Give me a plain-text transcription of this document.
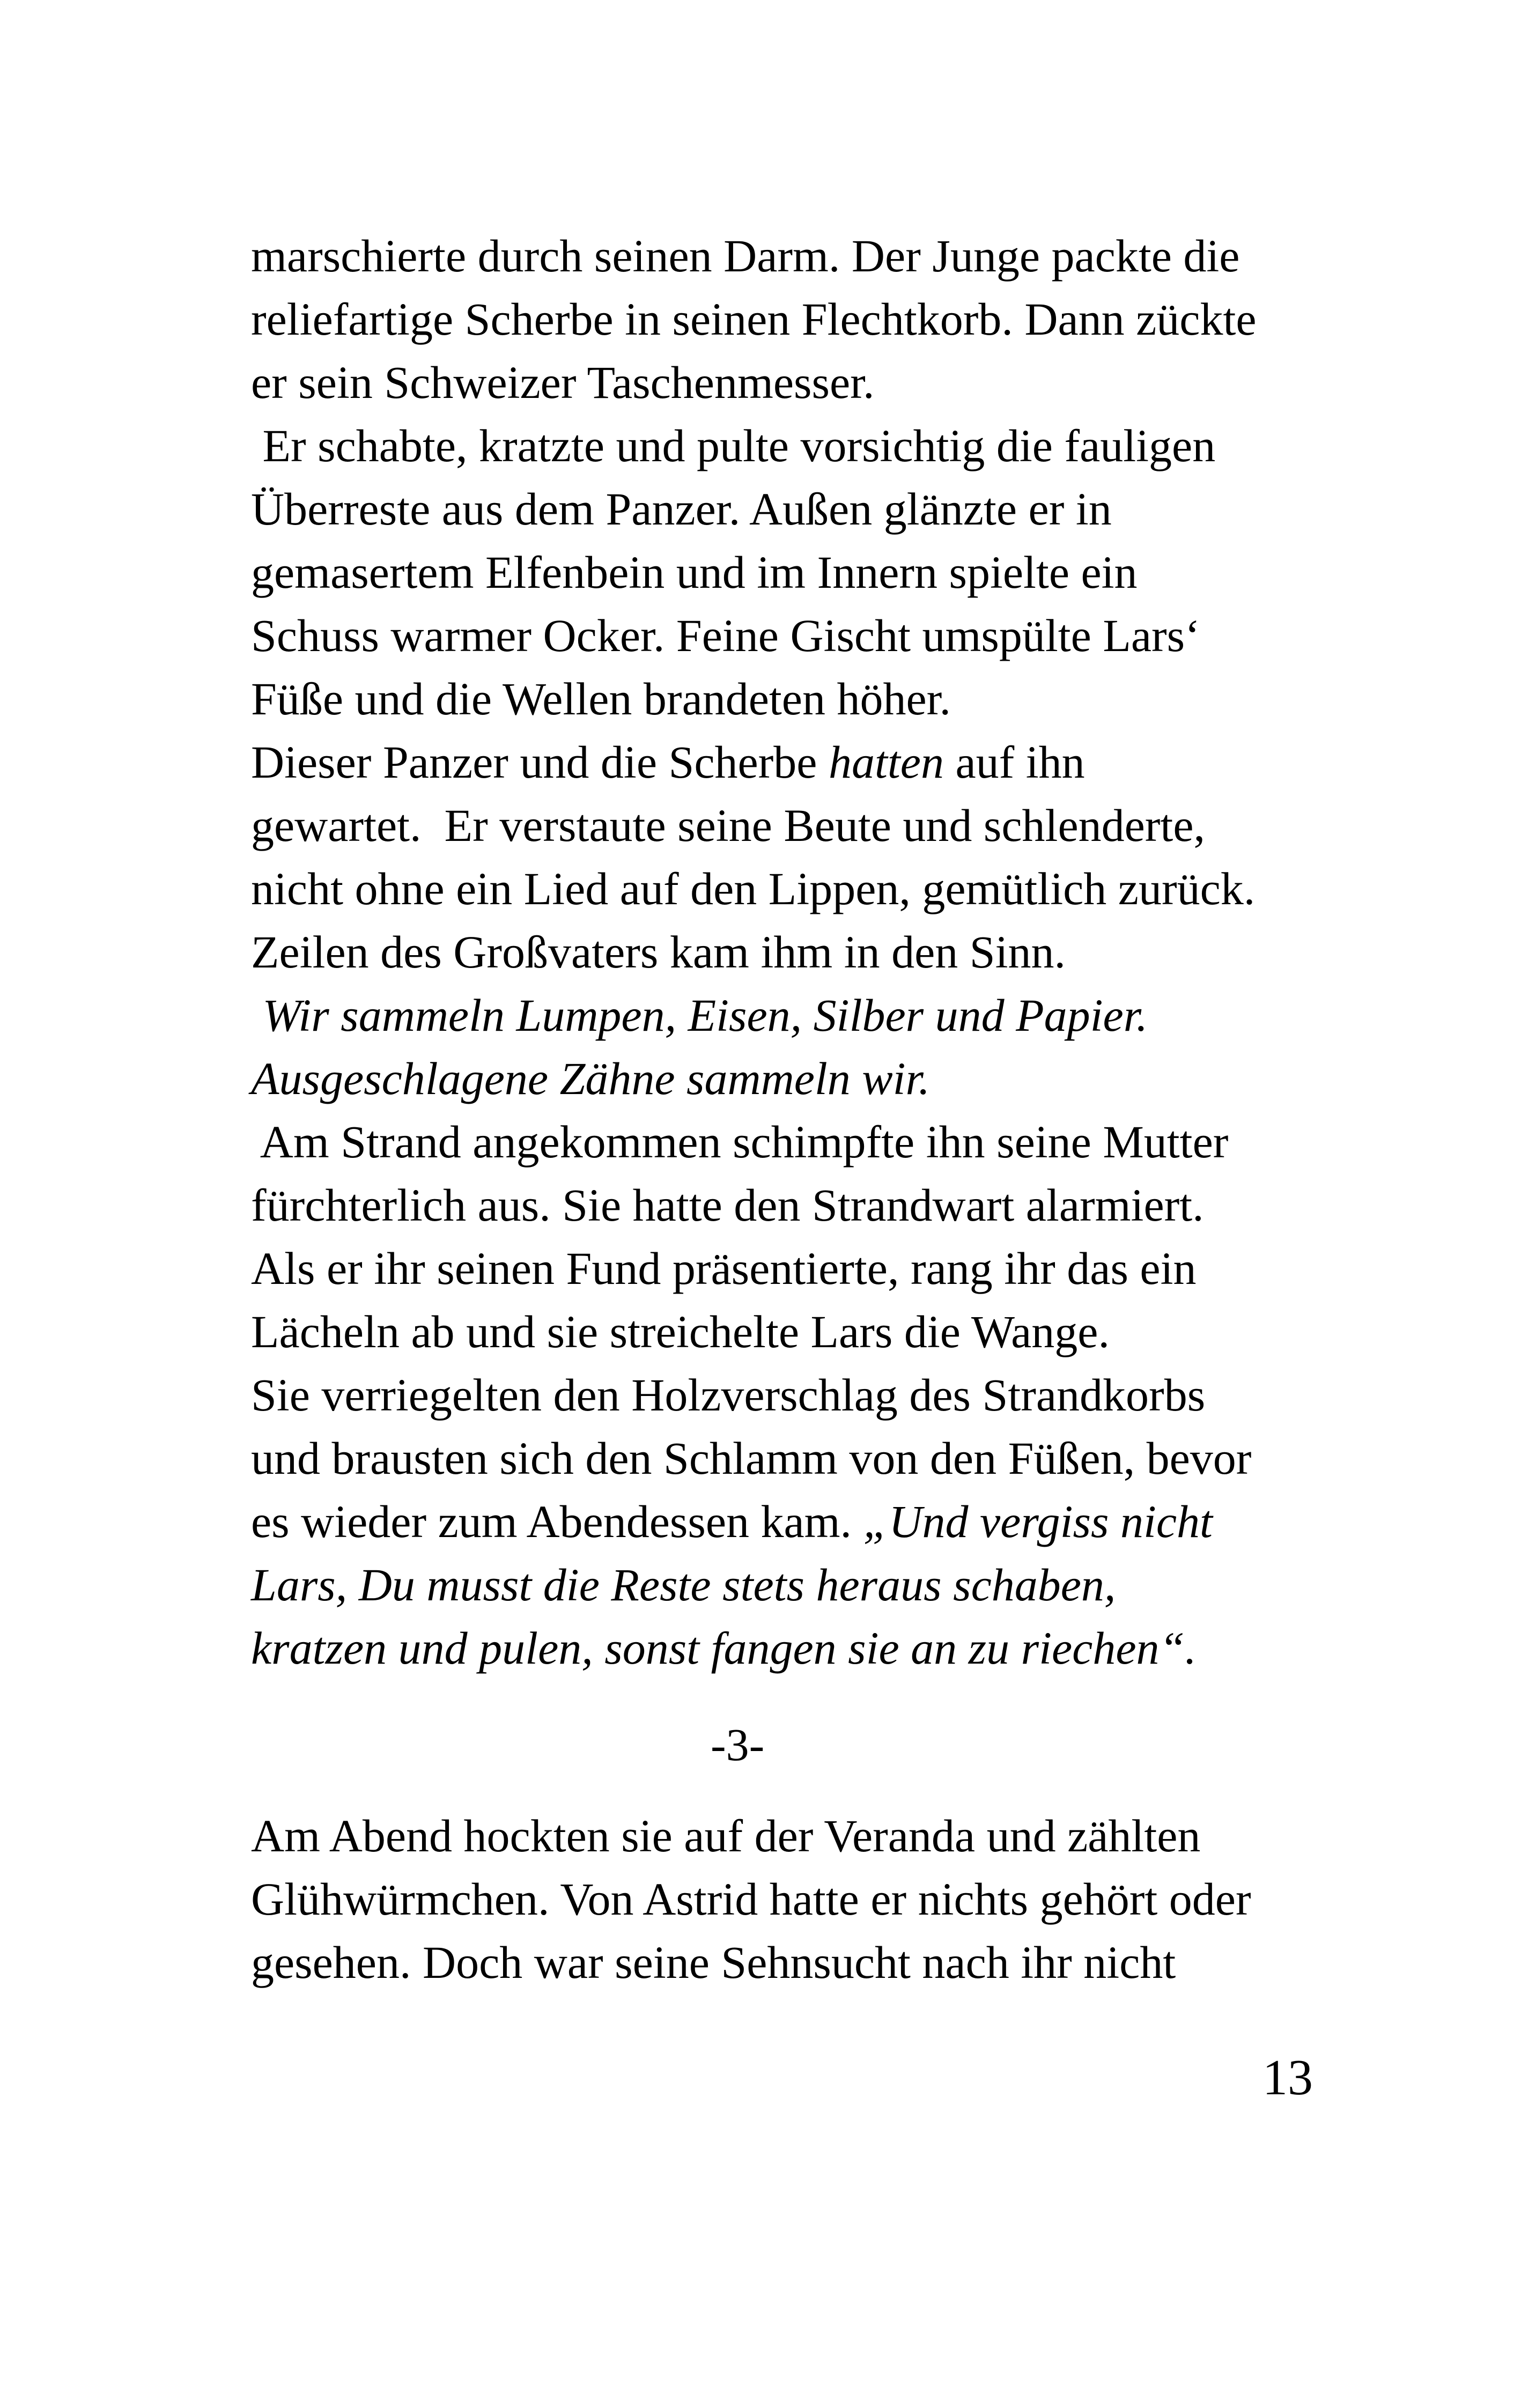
marschierte durch seinen Darm. Der Junge packte die
reliefartige Scherbe in seinen Flechtkorb. Dann zückte
er sein Schweizer Taschenmesser.
Er schabte, kratzte und pulte vorsichtig die fauligen
Überreste aus dem Panzer. Außen glänzte er in
gemasertem Elfenbein und im Innern spielte ein
Schuss warmer Ocker. Feine Gischt umspülte Lars‘
Füße und die Wellen brandeten höher.
Dieser Panzer und die Scherbe hatten auf ihn
gewartet.  Er verstaute seine Beute und schlenderte,
nicht ohne ein Lied auf den Lippen, gemütlich zurück.
Zeilen des Großvaters kam ihm in den Sinn.
Wir sammeln Lumpen, Eisen, Silber und Papier.
Ausgeschlagene Zähne sammeln wir.
Am Strand angekommen schimpfte ihn seine Mutter
fürchterlich aus. Sie hatte den Strandwart alarmiert.
Als er ihr seinen Fund präsentierte, rang ihr das ein
Lächeln ab und sie streichelte Lars die Wange.
Sie verriegelten den Holzverschlag des Strandkorbs
und brausten sich den Schlamm von den Füßen, bevor
es wieder zum Abendessen kam. „Und vergiss nicht
Lars, Du musst die Reste stets heraus schaben,
kratzen und pulen, sonst fangen sie an zu riechen“.
-3-
Am Abend hockten sie auf der Veranda und zählten
Glühwürmchen. Von Astrid hatte er nichts gehört oder
gesehen. Doch war seine Sehnsucht nach ihr nicht
13
